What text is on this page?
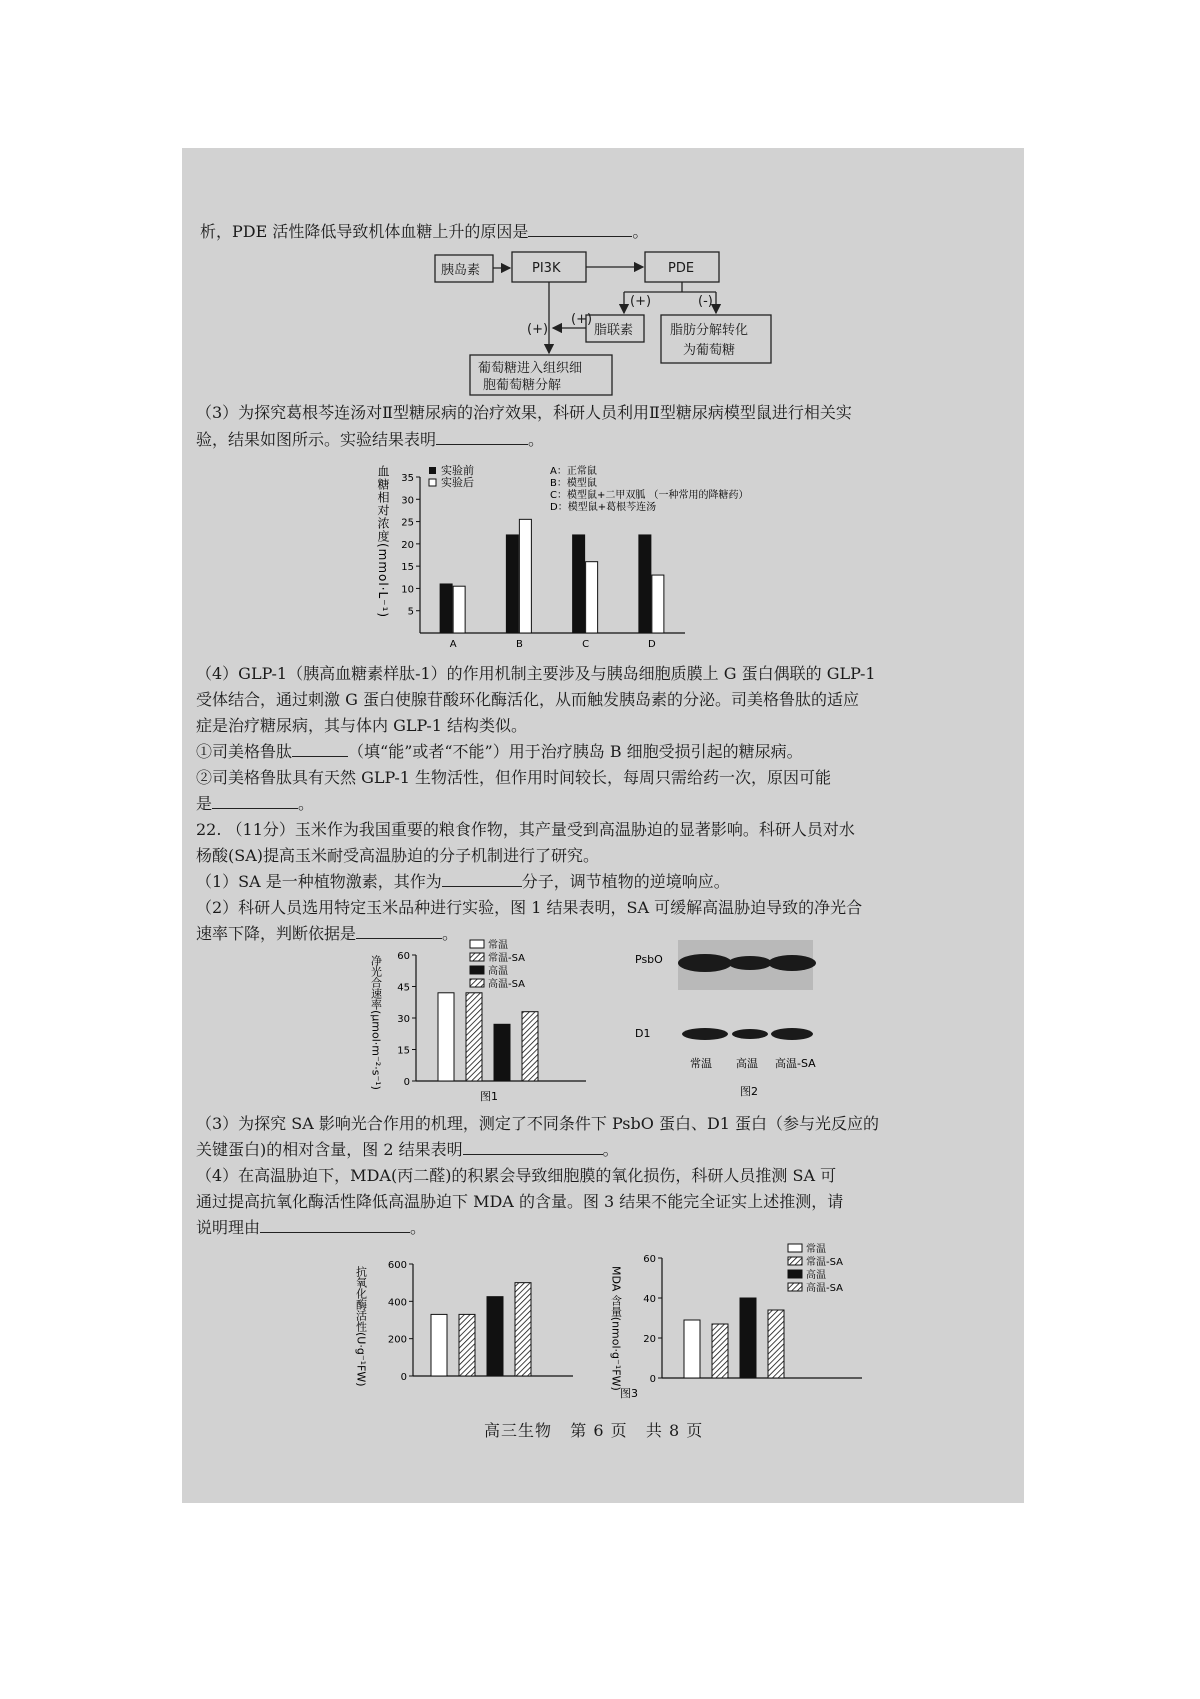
析，PDE 活性降低导致机体血糖上升的原因是	。
胰岛素	PI3K	PDE
脂联素	脂肪分解转化
为葡萄糖
葡萄糖进入组织细
胞葡萄糖分解
(+)	(-)
(+)
(+)
（3）为探究葛根芩连汤对Ⅱ型糖尿病的治疗效果，科研人员利用Ⅱ型糖尿病模型鼠进行相关实
验，结果如图所示。实验结果表明	。
血糖相对浓度(mmol·L⁻¹) 5
10
15
20
25
30
35
A	B	C	D
实验前
实验后
A：正常鼠
B：模型鼠
C：模型鼠+二甲双胍 （一种常用的降糖药）
D：模型鼠+葛根芩连汤
（4）GLP-1（胰高血糖素样肽-1）的作用机制主要涉及与胰岛细胞质膜上 G 蛋白偶联的 GLP-1
受体结合，通过刺激 G 蛋白使腺苷酸环化酶活化，从而触发胰岛素的分泌。司美格鲁肽的适应
症是治疗糖尿病，其与体内 GLP-1 结构类似。
①司美格鲁肽	（填“能”或者“不能”）用于治疗胰岛 B 细胞受损引起的糖尿病。
②司美格鲁肽具有天然 GLP-1 生物活性，但作用时间较长，每周只需给药一次，原因可能
是	。
22. （11分）玉米作为我国重要的粮食作物，其产量受到高温胁迫的显著影响。科研人员对水
杨酸(SA)提高玉米耐受高温胁迫的分子机制进行了研究。
（1）SA 是一种植物激素，其作为	分子，调节植物的逆境响应。
（2）科研人员选用特定玉米品种进行实验，图 1 结果表明，SA 可缓解高温胁迫导致的净光合
速率下降，判断依据是	。
净光合速率(μmol·m⁻²·s⁻¹) 0
15
30
45
60
常温
常温-SA
高温
高温-SA
图1
PsbO
D1
常温 高温 高温-SA
图2
（3）为探究 SA 影响光合作用的机理，测定了不同条件下 PsbO 蛋白、D1 蛋白（参与光反应的
关键蛋白)的相对含量，图 2 结果表明	。
（4）在高温胁迫下，MDA(丙二醛)的积累会导致细胞膜的氧化损伤，科研人员推测 SA 可
通过提高抗氧化酶活性降低高温胁迫下 MDA 的含量。图 3 结果不能完全证实上述推测，请
说明理由	。
抗氧化酶活性(U·g⁻¹FW)	0
200
400
600
MDA 含量(nmol·g⁻¹FW)	0
20
40
60
常温
常温-SA
高温
高温-SA
图3
高三生物 第 6 页 共 8 页
